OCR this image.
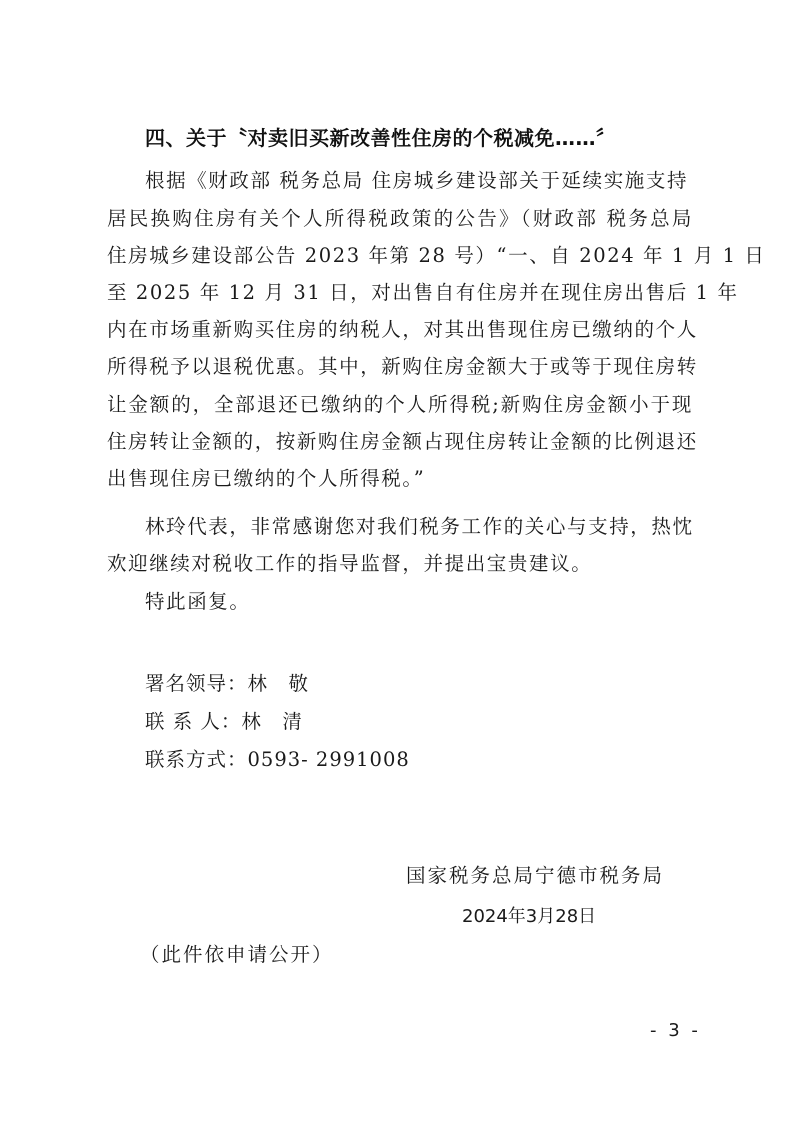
四、关于〝对卖旧买新改善性住房的个税减免……〞
根据《财政部 税务总局 住房城乡建设部关于延续实施支持
居民换购住房有关个人所得税政策的公告》（财政部 税务总局
住房城乡建设部公告 2023 年第 28 号）“一、自 2024 年 1 月 1 日
至 2025 年 12 月 31 日，对出售自有住房并在现住房出售后 1 年
内在市场重新购买住房的纳税人，对其出售现住房已缴纳的个人
所得税予以退税优惠。其中，新购住房金额大于或等于现住房转
让金额的，全部退还已缴纳的个人所得税;新购住房金额小于现
住房转让金额的，按新购住房金额占现住房转让金额的比例退还
出售现住房已缴纳的个人所得税。”
林玲代表，非常感谢您对我们税务工作的关心与支持，热忱
欢迎继续对税收工作的指导监督，并提出宝贵建议。
特此函复。
署名领导：林　敬
联 系 人：林　清
联系方式：0593- 2991008
国家税务总局宁德市税务局
2024年3月28日
（此件依申请公开）
- 3 -
